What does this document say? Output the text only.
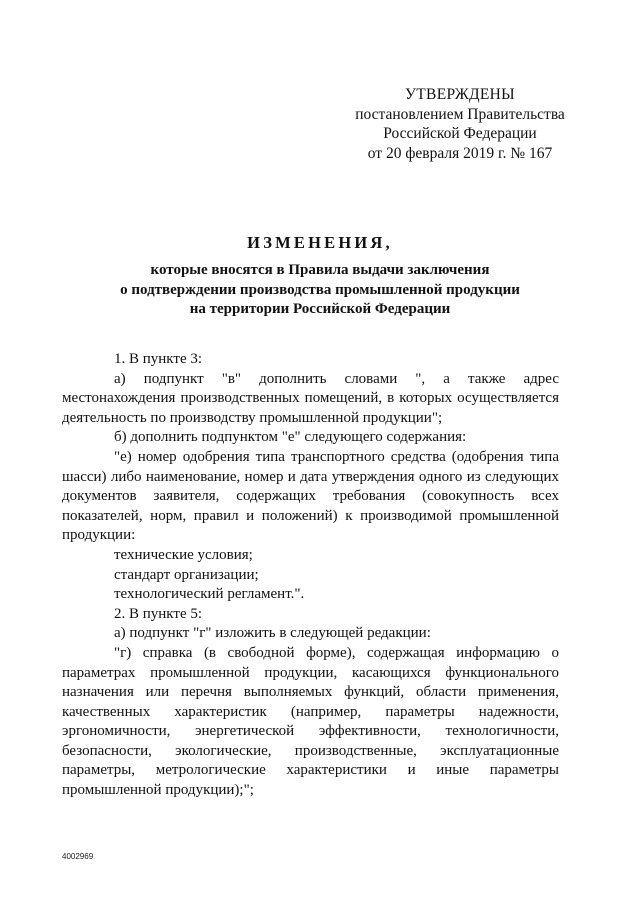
УТВЕРЖДЕНЫ
постановлением Правительства
Российской Федерации
от 20 февраля 2019 г. № 167
ИЗМЕНЕНИЯ,
которые вносятся в Правила выдачи заключения
о подтверждении производства промышленной продукции
на территории Российской Федерации

1. В пункте 3:

а) подпункт "в" дополнить словами ", а также адрес местонахождения производственных помещений, в которых осуществляется деятельность по производству промышленной продукции";

б) дополнить подпунктом "е" следующего содержания:

"е) номер одобрения типа транспортного средства (одобрения типа шасси) либо наименование, номер и дата утверждения одного из следующих документов заявителя, содержащих требования (совокупность всех показателей, норм, правил и положений) к производимой промышленной продукции:

технические условия;

стандарт организации;

технологический регламент.".

2. В пункте 5:

а) подпункт "г" изложить в следующей редакции:

"г) справка (в свободной форме), содержащая информацию о параметрах промышленной продукции, касающихся функционального назначения или перечня выполняемых функций, области применения, качественных характеристик (например, параметры надежности, эргономичности, энергетической эффективности, технологичности, безопасности, экологические, производственные, эксплуатационные параметры, метрологические характеристики и иные параметры промышленной продукции);";

4002969
